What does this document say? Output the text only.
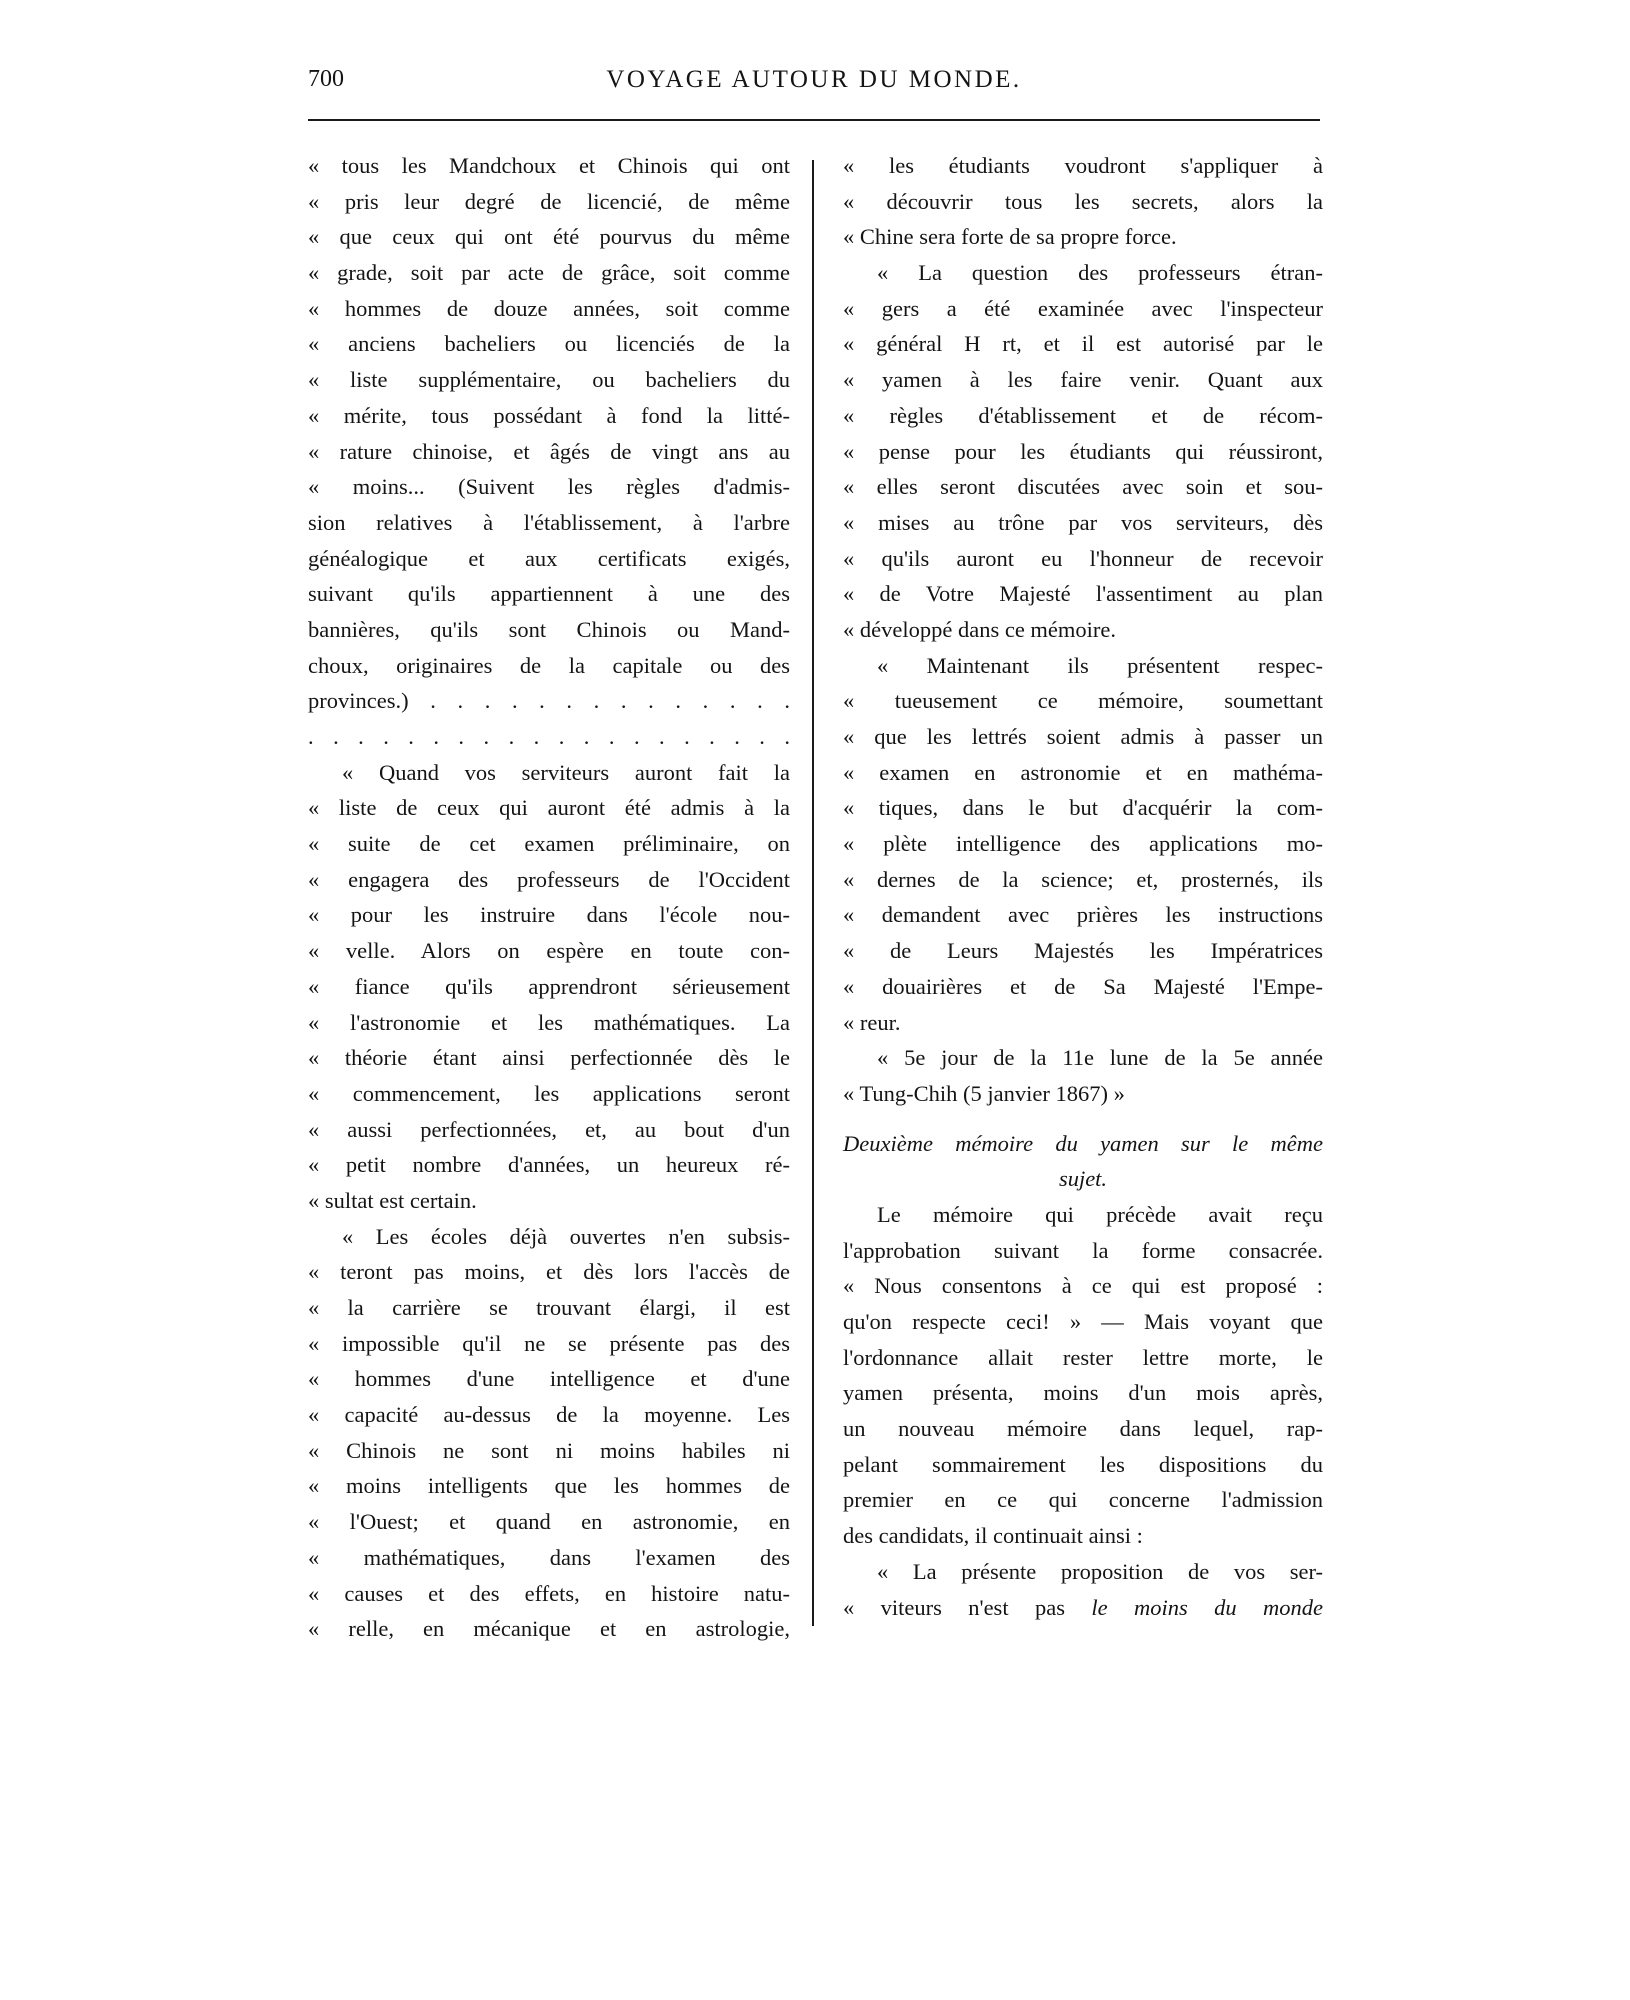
700	VOYAGE AUTOUR DU MONDE.
« tous les Mandchoux et Chinois qui ont
« pris leur degré de licencié, de même
« que ceux qui ont été pourvus du même
« grade, soit par acte de grâce, soit comme
« hommes de douze années, soit comme
« anciens bacheliers ou licenciés de la
« liste supplémentaire, ou bacheliers du
« mérite, tous possédant à fond la litté-
« rature chinoise, et âgés de vingt ans au
« moins... (Suivent les règles d'admis-
sion relatives à l'établissement, à l'arbre
généalogique et aux certificats exigés,
suivant qu'ils appartiennent à une des
bannières, qu'ils sont Chinois ou Mand-
choux, originaires de la capitale ou des
provinces.) . . . . . . . . . . . . . .
. . . . . . . . . . . . . . . . . . . .
« Quand vos serviteurs auront fait la
« liste de ceux qui auront été admis à la
« suite de cet examen préliminaire, on
« engagera des professeurs de l'Occident
« pour les instruire dans l'école nou-
« velle. Alors on espère en toute con-
« fiance qu'ils apprendront sérieusement
« l'astronomie et les mathématiques. La
« théorie étant ainsi perfectionnée dès le
« commencement, les applications seront
« aussi perfectionnées, et, au bout d'un
« petit nombre d'années, un heureux ré-
« sultat est certain.
« Les écoles déjà ouvertes n'en subsis-
« teront pas moins, et dès lors l'accès de
« la carrière se trouvant élargi, il est
« impossible qu'il ne se présente pas des
« hommes d'une intelligence et d'une
« capacité au-dessus de la moyenne. Les
« Chinois ne sont ni moins habiles ni
« moins intelligents que les hommes de
« l'Ouest; et quand en astronomie, en
« mathématiques, dans l'examen des
« causes et des effets, en histoire natu-
« relle, en mécanique et en astrologie,
« les étudiants voudront s'appliquer à
« découvrir tous les secrets, alors la
« Chine sera forte de sa propre force.
« La question des professeurs étran-
« gers a été examinée avec l'inspecteur
« général H rt, et il est autorisé par le
« yamen à les faire venir. Quant aux
« règles d'établissement et de récom-
« pense pour les étudiants qui réussiront,
« elles seront discutées avec soin et sou-
« mises au trône par vos serviteurs, dès
« qu'ils auront eu l'honneur de recevoir
« de Votre Majesté l'assentiment au plan
« développé dans ce mémoire.
« Maintenant ils présentent respec-
« tueusement ce mémoire, soumettant
« que les lettrés soient admis à passer un
« examen en astronomie et en mathéma-
« tiques, dans le but d'acquérir la com-
« plète intelligence des applications mo-
« dernes de la science; et, prosternés, ils
« demandent avec prières les instructions
« de Leurs Majestés les Impératrices
« douairières et de Sa Majesté l'Empe-
« reur.
« 5e jour de la 11e lune de la 5e année
« Tung-Chih (5 janvier 1867) »
Deuxième mémoire du yamen sur le même
sujet.
Le mémoire qui précède avait reçu
l'approbation suivant la forme consacrée.
« Nous consentons à ce qui est proposé :
qu'on respecte ceci! » — Mais voyant que
l'ordonnance allait rester lettre morte, le
yamen présenta, moins d'un mois après,
un nouveau mémoire dans lequel, rap-
pelant sommairement les dispositions du
premier en ce qui concerne l'admission
des candidats, il continuait ainsi :
« La présente proposition de vos ser-
« viteurs n'est pas le moins du monde
